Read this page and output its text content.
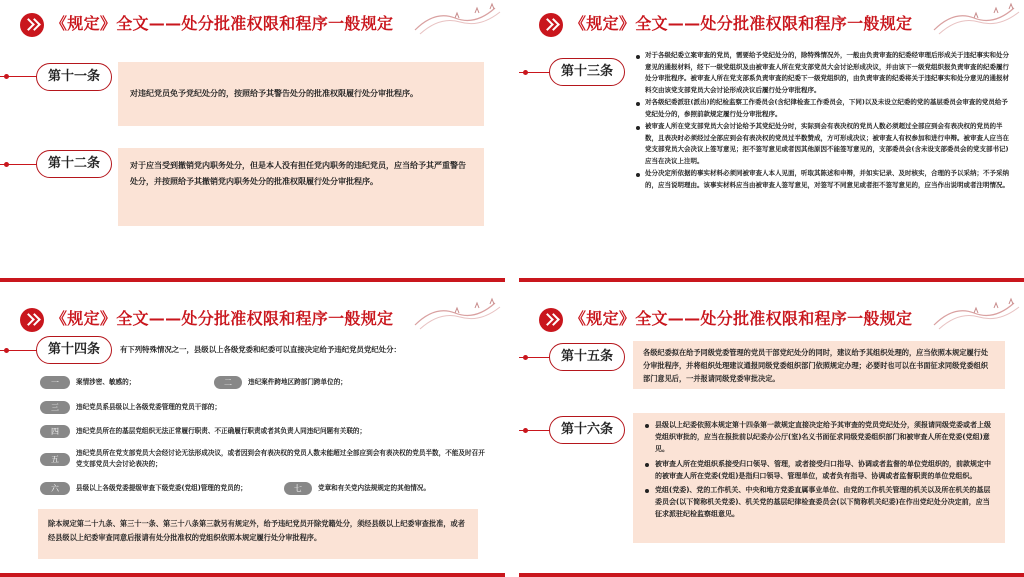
《规定》全文——处分批准权限和程序一般规定
第十一条
对违纪党员免予党纪处分的，按照给予其警告处分的批准权限履行处分审批程序。
第十二条	对于应当受到撤销党内职务处分，但是本人没有担任党内职务的违纪党员，应当给予其严重警告处分，并按照给予其撤销党内职务处分的批准权限履行处分审批程序。
《规定》全文——处分批准权限和程序一般规定
第十三条
对于各级纪委立案审查的党员，需要给予党纪处分的，除特殊情况外，一般由负责审查的纪委经审理后形成关于违纪事实和处分意见的通报材料，经下一级党组织及由被审查人所在党支部党员大会讨论形成决议，并由该下一级党组织报负责审查的纪委履行处分审批程序。被审查人所在党支部系负责审查的纪委下一级党组织的，由负责审查的纪委将关于违纪事实和处分意见的通报材料交由该党支部党员大会讨论形成决议后履行处分审批程序。
对各级纪委派驻(派出)的纪检监察工作委员会(含纪律检查工作委员会，下同)以及未设立纪委的党的基层委员会审查的党员给予党纪处分的，参照前款规定履行处分审批程序。
被审查人所在党支部党员大会讨论给予其党纪处分时，实际到会有表决权的党员人数必须超过全部应到会有表决权的党员的半数，且表决时必须经过全部应到会有表决权的党员过半数赞成，方可形成决议；被审查人有权参加和进行申辩。被审查人应当在党支部党员大会决议上签写意见；拒不签写意见或者因其他原因不能签写意见的，支部委员会(含未设支部委员会的党支部书记)应当在决议上注明。
处分决定所依据的事实材料必须同被审查人本人见面，听取其陈述和申辩，并如实记录、及时核实，合理的予以采纳；不予采纳的，应当说明理由。该事实材料应当由被审查人签写意见，对签写不同意见或者拒不签写意见的，应当作出说明或者注明情况。
《规定》全文——处分批准权限和程序一般规定
第十四条	有下列特殊情况之一，县级以上各级党委和纪委可以直接决定给予违纪党员党纪处分：
一	案情涉密、敏感的；	二	违纪案件跨地区跨部门跨单位的；
三	违纪党员系县级以上各级党委管理的党员干部的；
四	违纪党员所在的基层党组织无法正常履行职责、不正确履行职责或者其负责人同违纪问题有关联的；
五
违纪党员所在党支部党员大会经讨论无法形成决议，或者因到会有表决权的党员人数未能超过全部应到会有表决权的党员半数，不能及时召开党支部党员大会讨论表决的；
六	县级以上各级党委提级审查下级党委(党组)管理的党员的；	七	党章和有关党内法规规定的其他情况。
除本规定第二十九条、第三十一条、第三十八条第三款另有规定外，给予违纪党员开除党籍处分，须经县级以上纪委审查批准，或者经县级以上纪委审查同意后报请有处分批准权的党组织依照本规定履行处分审批程序。
《规定》全文——处分批准权限和程序一般规定
第十五条	各级纪委拟在给予同级党委管理的党员干部党纪处分的同时，建议给予其组织处理的，应当依照本规定履行处分审批程序，并将组织处理建议通报同级党委组织部门依照规定办理；必要时也可以在书面征求同级党委组织部门意见后，一并报请同级党委审批决定。
第十六条	县级以上纪委依照本规定第十四条第一款规定直接决定给予其审查的党员党纪处分，须报请同级党委或者上级党组织审批的，应当在报批前以纪委办公厅(室)名义书面征求同级党委组织部门和被审查人所在党委(党组)意见。
被审查人所在党组织系接受归口领导、管理，或者接受归口指导、协调或者监督的单位党组织的，前款规定中的被审查人所在党委(党组)是指归口领导、管理单位，或者负有指导、协调或者监督职责的单位党组织。
党组(党委)、党的工作机关、中央和地方党委直属事业单位、由党的工作机关管理的机关以及所在机关的基层委员会(以下简称机关党委)、机关党的基层纪律检查委员会(以下简称机关纪委)在作出党纪处分决定前，应当征求派驻纪检监察组意见。
